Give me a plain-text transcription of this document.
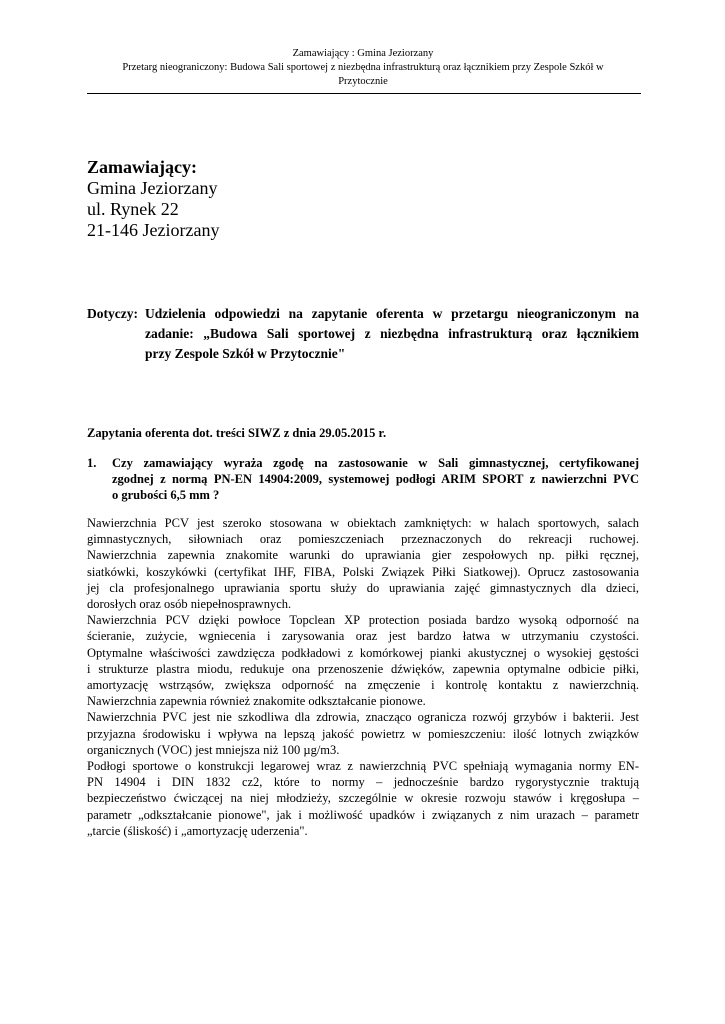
Zamawiający : Gmina Jeziorzany
Przetarg nieograniczony: Budowa Sali sportowej z niezbędna infrastrukturą oraz łącznikiem przy Zespole Szkół w
Przytocznie
Zamawiający:
Gmina Jeziorzany
ul. Rynek 22
21-146 Jeziorzany
Dotyczy: Udzielenia odpowiedzi na zapytanie oferenta w przetargu nieograniczonym na
zadanie: „Budowa Sali sportowej z niezbędna infrastrukturą oraz łącznikiem
przy Zespole Szkół w Przytocznie"
Zapytania oferenta dot. treści SIWZ z dnia 29.05.2015 r.
1. Czy zamawiający wyraża zgodę na zastosowanie w Sali gimnastycznej, certyfikowanej
zgodnej z normą PN-EN 14904:2009, systemowej podłogi ARIM SPORT z nawierzchni PVC
o grubości 6,5 mm ?
Nawierzchnia PCV jest szeroko stosowana w obiektach zamkniętych: w halach sportowych, salach
gimnastycznych, siłowniach oraz pomieszczeniach przeznaczonych do rekreacji ruchowej.
Nawierzchnia zapewnia znakomite warunki do uprawiania gier zespołowych np. piłki ręcznej,
siatkówki, koszykówki (certyfikat IHF, FIBA, Polski Związek Piłki Siatkowej). Oprucz zastosowania
jej cla profesjonalnego uprawiania sportu służy do uprawiania zajęć gimnastycznych dla dzieci,
dorosłych oraz osób niepełnosprawnych.
Nawierzchnia PCV dzięki powłoce Topclean XP protection posiada bardzo wysoką odporność na
ścieranie, zużycie, wgniecenia i zarysowania oraz jest bardzo łatwa w utrzymaniu czystości.
Optymalne właściwości zawdzięcza podkładowi z komórkowej pianki akustycznej o wysokiej gęstości
i strukturze plastra miodu, redukuje ona przenoszenie dźwięków, zapewnia optymalne odbicie piłki,
amortyzację wstrząsów, zwiększa odporność na zmęczenie i kontrolę kontaktu z nawierzchnią.
Nawierzchnia zapewnia również znakomite odkształcanie pionowe.
Nawierzchnia PVC jest nie szkodliwa dla zdrowia, znacząco ogranicza rozwój grzybów i bakterii. Jest
przyjazna środowisku i wpływa na lepszą jakość powietrz w pomieszczeniu: ilość lotnych związków
organicznych (VOC) jest mniejsza niż 100 µg/m3.
Podłogi sportowe o konstrukcji legarowej wraz z nawierzchnią PVC spełniają wymagania normy EN-
PN 14904 i DIN 1832 cz2, które to normy – jednocześnie bardzo rygorystycznie traktują
bezpieczeństwo ćwiczącej na niej młodzieży, szczególnie w okresie rozwoju stawów i kręgosłupa –
parametr „odkształcanie pionowe", jak i możliwość upadków i związanych z nim urazach – parametr
„tarcie (śliskość) i „amortyzację uderzenia".
